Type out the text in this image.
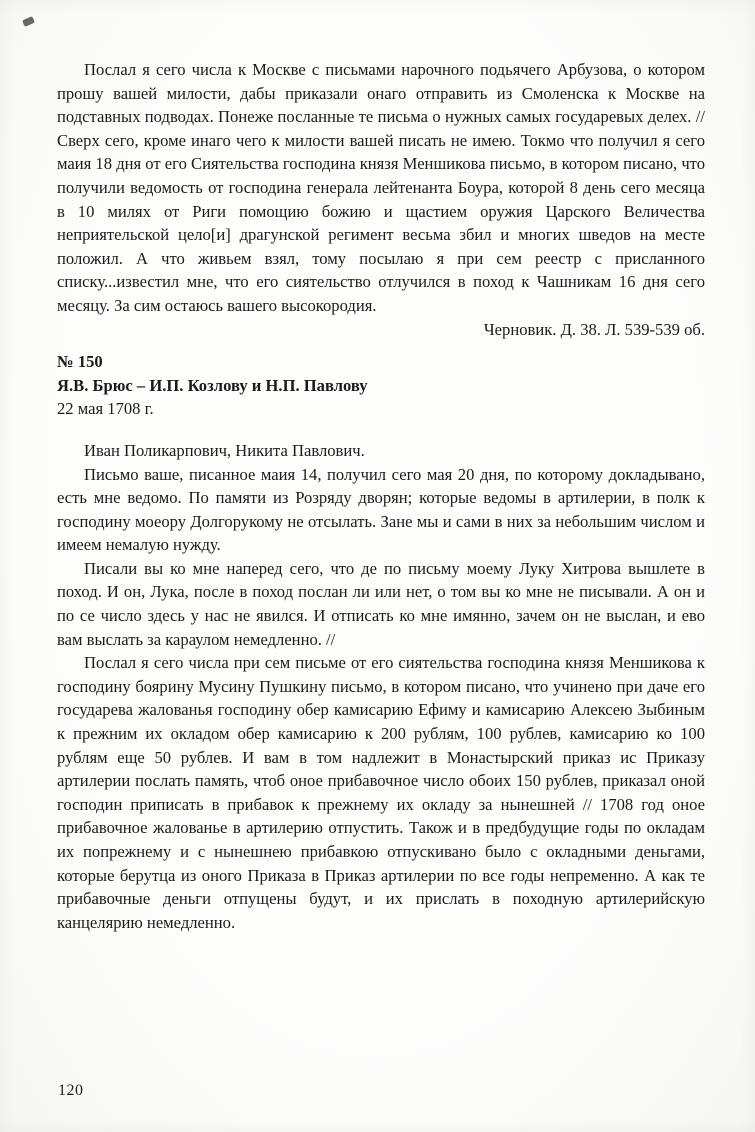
Послал я сего числа к Москве с письмами нарочного подьячего Арбузова, о котором прошу вашей милости, дабы приказали онаго отправить из Смоленска к Москве на подставных подводах. Понеже посланные те письма о нужных самых государевых делех. // Сверх сего, кроме инаго чего к милости вашей писать не имею. Токмо что получил я сего маия 18 дня от его Сиятельства господина князя Меншикова письмо, в котором писано, что получили ведомость от господина генерала лейтенанта Боура, которой 8 день сего месяца в 10 милях от Риги помощию божию и щастием оружия Царского Величества неприятельской цело[и] драгунской регимент весьма збил и многих шведов на месте положил. А что живьем взял, тому посылаю я при сем реестр с присланного списку...известил мне, что его сиятельство отлучился в поход к Чашникам 16 дня сего месяцу. За сим остаюсь вашего высокородия.

Черновик. Д. 38. Л. 539-539 об.

№ 150

Я.В. Брюс – И.П. Козлову и Н.П. Павлову

22 мая 1708 г.

Иван Поликарпович, Никита Павлович.

Письмо ваше, писанное маия 14, получил сего мая 20 дня, по которому докладывано, есть мне ведомо. По памяти из Розряду дворян; которые ведомы в артилерии, в полк к господину моеору Долгорукому не отсылать. Зане мы и сами в них за небольшим числом и имеем немалую нужду.

Писали вы ко мне наперед сего, что де по письму моему Луку Хитрова вышлете в поход. И он, Лука, после в поход послан ли или нет, о том вы ко мне не писывали. А он и по се число здесь у нас не явился. И отписать ко мне имянно, зачем он не выслан, и ево вам выслать за караулом немедленно. //

Послал я сего числа при сем письме от его сиятельства господина князя Меншикова к господину боярину Мусину Пушкину письмо, в котором писано, что учинено при даче его государева жалованья господину обер камисарию Ефиму и камисарию Алексею Зыбиным к прежним их окладом обер камисарию к 200 рублям, 100 рублев, камисарию ко 100 рублям еще 50 рублев. И вам в том надлежит в Монастырский приказ ис Приказу артилерии послать память, чтоб оное прибавочное число обоих 150 рублев, приказал оной господин приписать в прибавок к прежнему их окладу за нынешней // 1708 год оное прибавочное жалованье в артилерию отпустить. Також и в предбудущие годы по окладам их попрежнему и с нынешнею прибавкою отпускивано было с окладными деньгами, которые берутца из оного Приказа в Приказ артилерии по все годы непременно. А как те прибавочные деньги отпущены будут, и их прислать в походную артилерийскую канцелярию немедленно.

120
